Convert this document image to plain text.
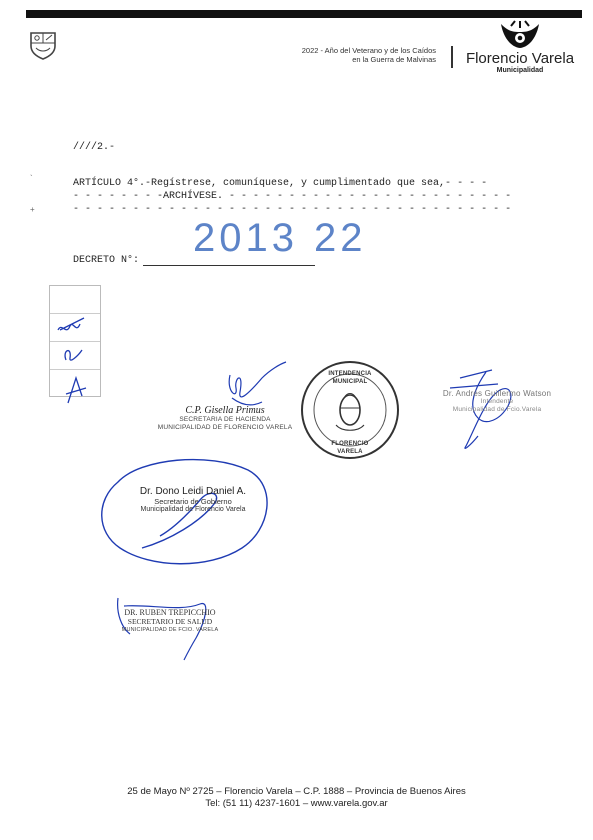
2022 - Año del Veterano y de los Caídos
en la Guerra de Malvinas	Florencio Varela
Municipalidad
////2.-
`
+
ARTÍCULO 4°.-Regístrese, comuníquese, y cumplimentado que sea,- - - -
- - - - - - - -ARCHÍVESE. - - - - - - - - - - - - - - - - - - - - - - - -
- - - - - - - - - - - - - - - - - - - - - - - - - - - - - - - - - - - - -
2013 22
DECRETO N°:
INTENDENCIA MUNICIPAL
FLORENCIO VARELA
C.P. Gisella Primus
SECRETARIA DE HACIENDA
MUNICIPALIDAD DE FLORENCIO VARELA
Dr. Andrés Guillermo Watson
Intendente
Municipalidad de Fcio.Varela
Dr. Dono Leidi Daniel A.
Secretario de Gobierno
Municipalidad de Florencio Varela
DR. RUBEN TREPICCHIO
SECRETARIO DE SALUD
MUNICIPALIDAD DE FCIO. VARELA
25 de Mayo Nº 2725 – Florencio Varela – C.P. 1888 – Provincia de Buenos Aires
Tel: (51 11) 4237-1601 – www.varela.gov.ar
